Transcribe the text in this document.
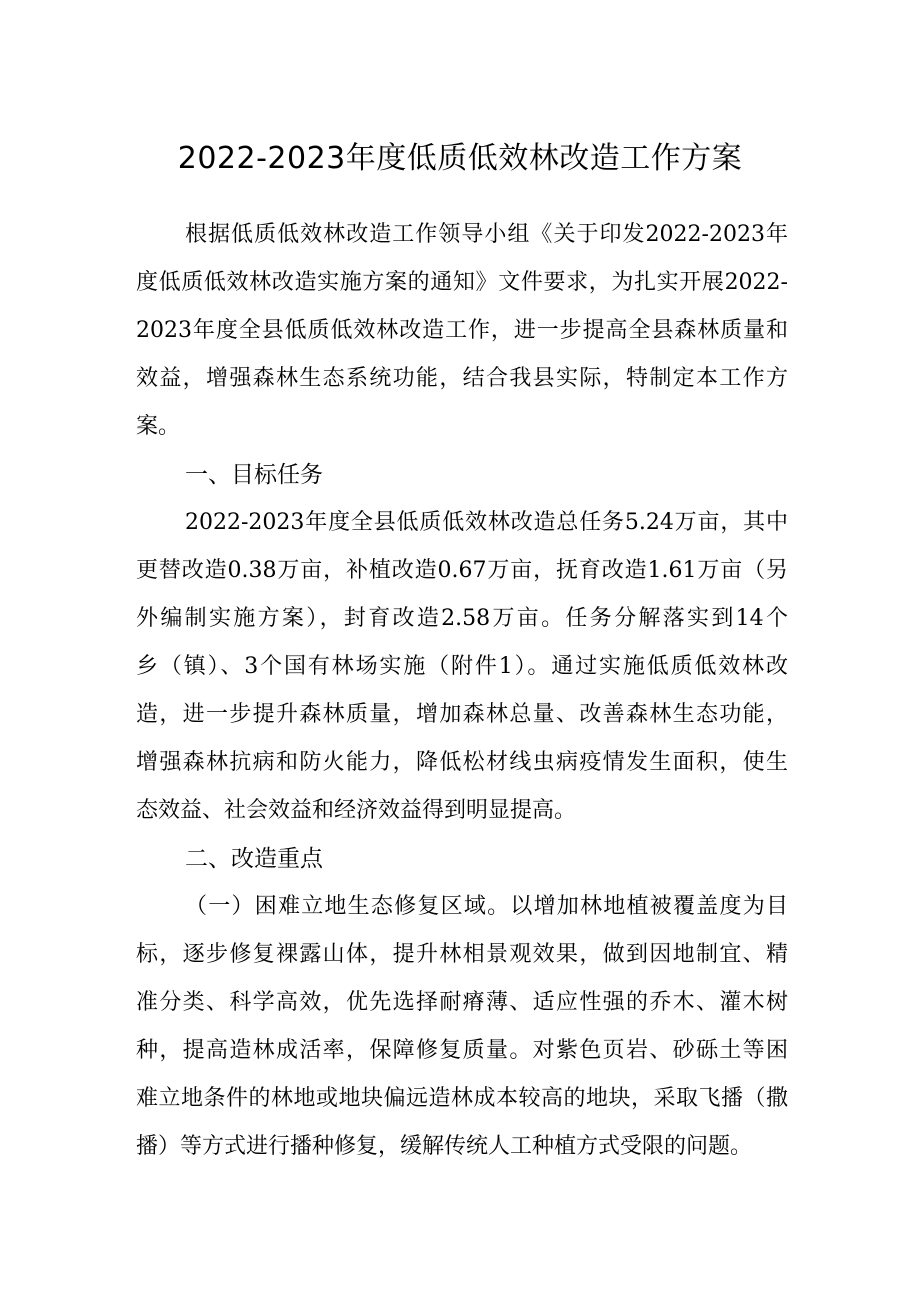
2022-2023年度低质低效林改造工作方案
根据低质低效林改造工作领导小组《关于印发2022-2023年
度低质低效林改造实施方案的通知》文件要求，为扎实开展2022-
2023年度全县低质低效林改造工作，进一步提高全县森林质量和
效益，增强森林生态系统功能，结合我县实际，特制定本工作方
案。
一、目标任务
2022-2023年度全县低质低效林改造总任务5.24万亩，其中
更替改造0.38万亩，补植改造0.67万亩，抚育改造1.61万亩（另
外编制实施方案），封育改造2.58万亩。任务分解落实到14个
乡（镇）、3个国有林场实施（附件1）。通过实施低质低效林改
造，进一步提升森林质量，增加森林总量、改善森林生态功能，
增强森林抗病和防火能力，降低松材线虫病疫情发生面积，使生
态效益、社会效益和经济效益得到明显提高。
二、改造重点
（一）困难立地生态修复区域。以增加林地植被覆盖度为目
标，逐步修复裸露山体，提升林相景观效果，做到因地制宜、精
准分类、科学高效，优先选择耐瘠薄、适应性强的乔木、灌木树
种，提高造林成活率，保障修复质量。对紫色页岩、砂砾土等困
难立地条件的林地或地块偏远造林成本较高的地块，采取飞播（撒
播）等方式进行播种修复，缓解传统人工种植方式受限的问题。
